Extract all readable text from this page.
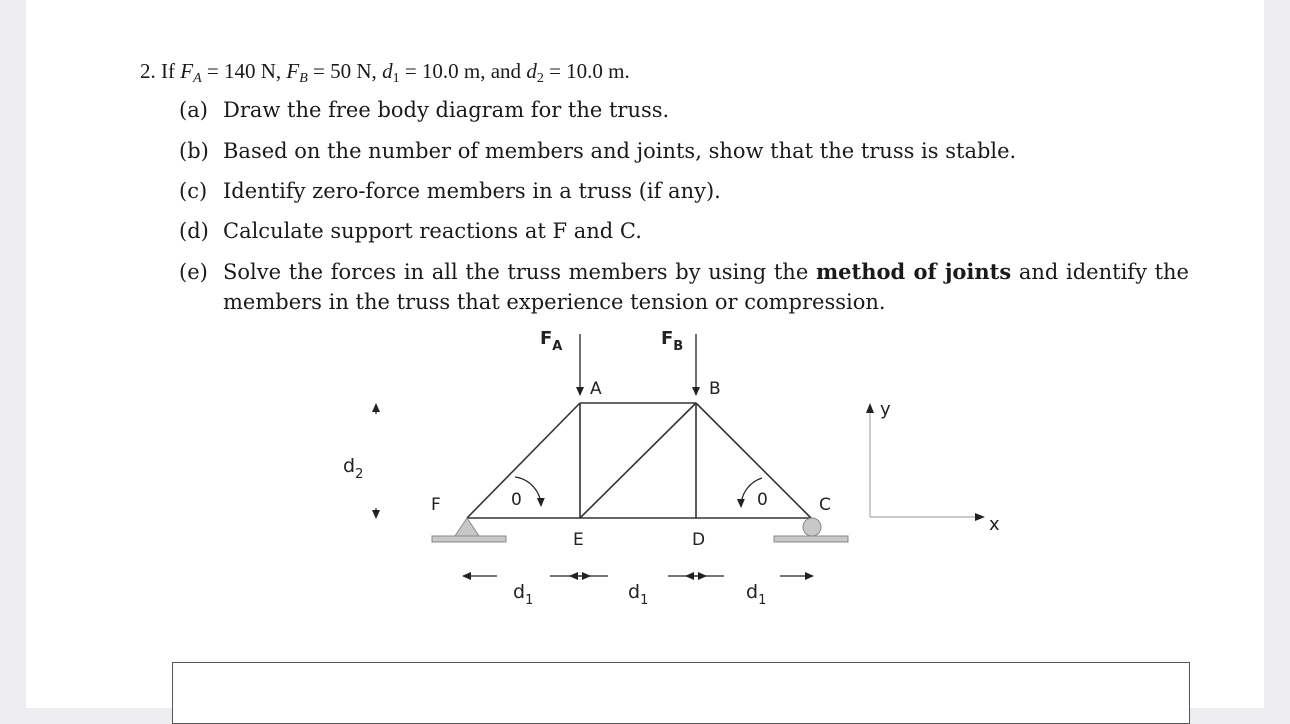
2. If $F_A = 140$ N, $F_B = 50$ N, $d_1 = 10.0$ m, and $d_2 = 10.0$ m.
(a) Draw the free body diagram for the truss.
(b) Based on the number of members and joints, show that the truss is stable.
(c) Identify zero-force members in a truss (if any).
(d) Calculate support reactions at F and C.
(e) Solve the forces in all the truss members by using the method of joints and identify the members in the truss that experience tension or compression.
$F_A$	$F_B$
A	B
C
D
E
F	0	0
$d_2$
$d_1$	$d_1$	$d_1$
y
x
